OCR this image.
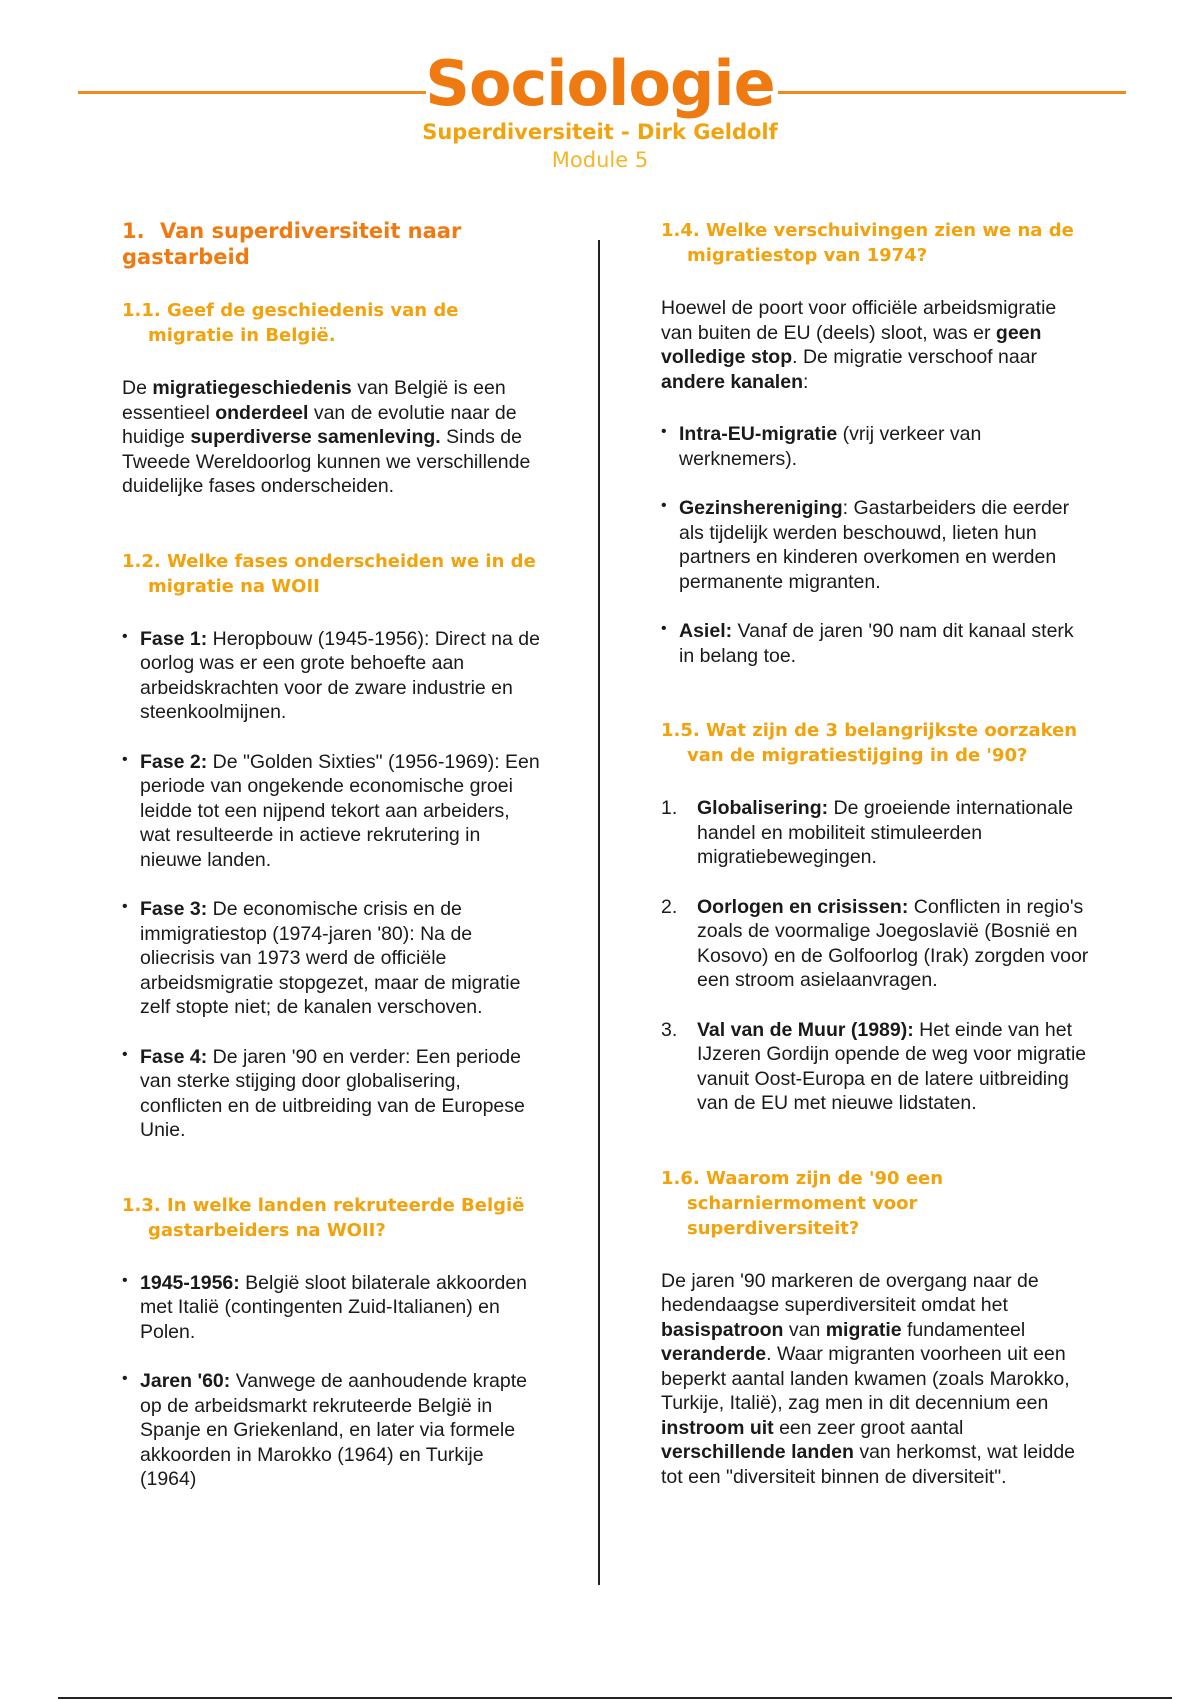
Sociologie
Superdiversiteit - Dirk Geldolf
Module 5
1. Van superdiversiteit naar gastarbeid
1.1. Geef de geschiedenis van de migratie in België.

De migratiegeschiedenis van België is een essentieel onderdeel van de evolutie naar de huidige superdiverse samenleving. Sinds de Tweede Wereldoorlog kunnen we verschillende duidelijke fases onderscheiden.

1.2. Welke fases onderscheiden we in de migratie na WOII
• Fase 1: Heropbouw (1945-1956): Direct na de oorlog was er een grote behoefte aan arbeidskrachten voor de zware industrie en steenkoolmijnen.
• Fase 2: De "Golden Sixties" (1956-1969): Een periode van ongekende economische groei leidde tot een nijpend tekort aan arbeiders, wat resulteerde in actieve rekrutering in nieuwe landen.
• Fase 3: De economische crisis en de immigratiestop (1974-jaren '80): Na de oliecrisis van 1973 werd de officiële arbeidsmigratie stopgezet, maar de migratie zelf stopte niet; de kanalen verschoven.
• Fase 4: De jaren '90 en verder: Een periode van sterke stijging door globalisering, conflicten en de uitbreiding van de Europese Unie.
1.3. In welke landen rekruteerde België gastarbeiders na WOII?
• 1945-1956: België sloot bilaterale akkoorden met Italië (contingenten Zuid-Italianen) en Polen.
• Jaren '60: Vanwege de aanhoudende krapte op de arbeidsmarkt rekruteerde België in Spanje en Griekenland, en later via formele akkoorden in Marokko (1964) en Turkije (1964)
1.4. Welke verschuivingen zien we na de migratiestop van 1974?

Hoewel de poort voor officiële arbeidsmigratie van buiten de EU (deels) sloot, was er geen volledige stop. De migratie verschoof naar andere kanalen:

• Intra-EU-migratie (vrij verkeer van werknemers).
• Gezinshereniging: Gastarbeiders die eerder als tijdelijk werden beschouwd, lieten hun partners en kinderen overkomen en werden permanente migranten.
• Asiel: Vanaf de jaren '90 nam dit kanaal sterk in belang toe.
1.5. Wat zijn de 3 belangrijkste oorzaken van de migratiestijging in de '90?
1. Globalisering: De groeiende internationale handel en mobiliteit stimuleerden migratiebewegingen.
2. Oorlogen en crisissen: Conflicten in regio's zoals de voormalige Joegoslavië (Bosnië en Kosovo) en de Golfoorlog (Irak) zorgden voor een stroom asielaanvragen.
3. Val van de Muur (1989): Het einde van het IJzeren Gordijn opende de weg voor migratie vanuit Oost-Europa en de latere uitbreiding van de EU met nieuwe lidstaten.
1.6. Waarom zijn de '90 een scharniermoment voor superdiversiteit?

De jaren '90 markeren de overgang naar de hedendaagse superdiversiteit omdat het basispatroon van migratie fundamenteel veranderde. Waar migranten voorheen uit een beperkt aantal landen kwamen (zoals Marokko, Turkije, Italië), zag men in dit decennium een instroom uit een zeer groot aantal verschillende landen van herkomst, wat leidde tot een "diversiteit binnen de diversiteit".
